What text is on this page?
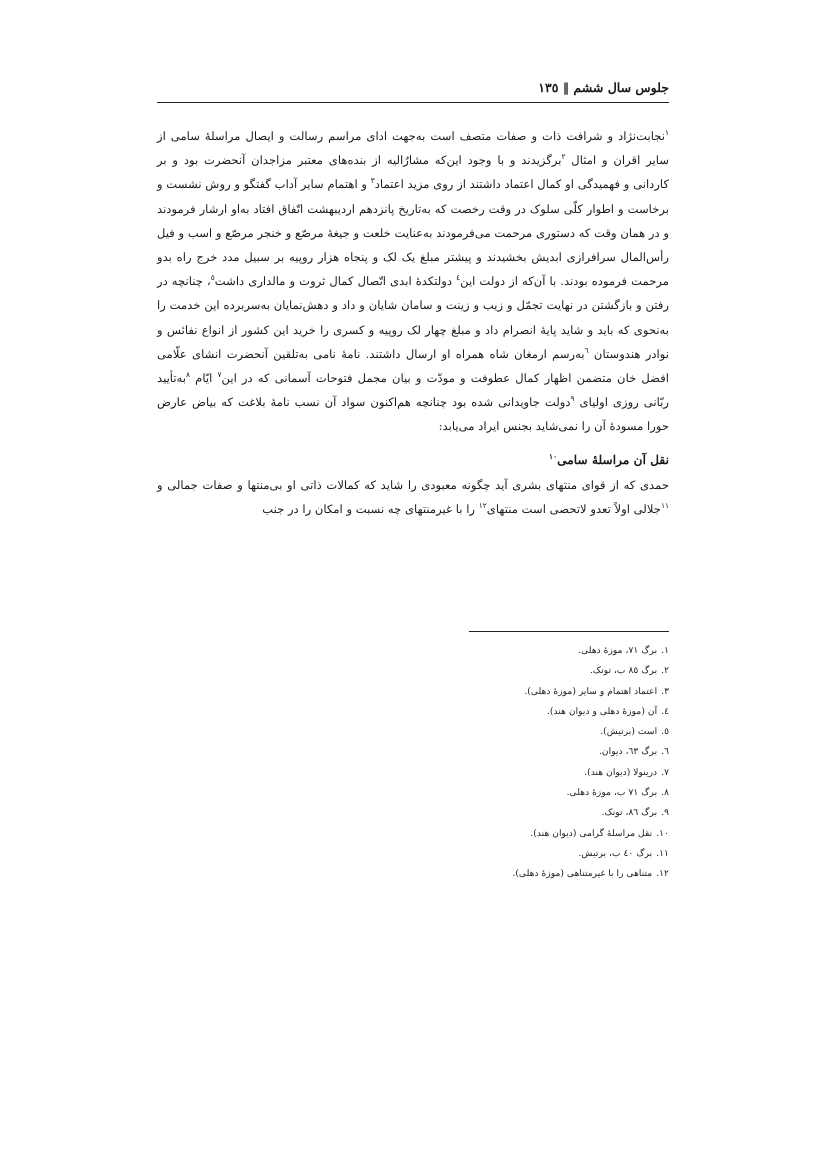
جلوس سال ششم ‖ ١٣٥

$^١$نجابت‌نژاد و شرافت ذات و صفات متصف است به‌جهت ادای مراسم رسالت و ایصال مراسلهٔ سامی از سایر اقران و امثال $^٢$برگزیدند و با وجود این‌که مشارٌالیه از بنده‌های معتبر مزاجدان آنحضرت بود و بر کاردانی و فهمیدگی او کمال اعتماد داشتند از روی مزید اعتماد$^٣$ و اهتمام سایر آداب گفتگو و روش نشست و برخاست و اطوار کلّی سلوک در وقت رخصت که به‌تاریخ پانزدهم اردیبهشت اتّفاق افتاد به‌او ارشار فرمودند و در همان وقت که دستوری مرحمت می‌فرمودند به‌عنایت خلعت و جیغهٔ مرصّع و خنجر مرصّع و اسب و فیل رأس‌المال سرافرازی ابدیش بخشیدند و پیشتر مبلغ یک لک و پنجاه هزار روپیه بر سبیل مدد خرج راه بدو مرحمت فرموده بودند. با آن‌که از دولت این$^٤$ دولتکدهٔ ابدی اتّصال کمال ثروت و مالداری داشت$^٥$، چنانچه در رفتن و بازگشتن در نهایت تجمّل و زیب و زینت و سامان شایان و داد و دهش‌نمایان به‌سربرده این خدمت را به‌نحوی که باید و شاید پایهٔ انصرام داد و مبلغ چهار لک روپیه و کسری را خرید این کشور از انواع نفائس و نوادر هندوستان $^٦$به‌رسم ارمغان شاه همراه او ارسال داشتند. نامهٔ نامی به‌تلقین آنحضرت انشای علّامی افضل خان متضمن اظهار کمال عطوفت و مودّت و بیان مجمل فتوحات آسمانی که در این$^٧$ ایّام $^٨$به‌تأیید ربّانی روزی اولیای $^٩$دولت جاویدانی شده بود چنانچه هم‌اکنون سواد آن نسب نامهٔ بلاغت که بیاض عارض حورا مسودهٔ آن را نمی‌شاید بجنس ایراد می‌یابد:

نقل آن مراسلهٔ سامی$^{١٠}$

حمدی که از قوای منتهای بشری آید چگونه معبودی را شاید که کمالات ذاتی او بی‌منتها و صفات جمالی و $^{١١}$جلالی اولاً تعدو لاتحصی است منتهای$^{١٢}$ را با غیرمنتهای چه نسبت و امکان را در جنب

١.برگ ٧١، موزهٔ دهلی.
٢.برگ ٨٥ ب، تونک.
٣.اعتماد اهتمام و سایر (موزهٔ دهلی).
٤.آن (موزهٔ دهلی و دیوان هند).
٥.است (برتیش).
٦.برگ ٦٣، دیوان.
٧.درینولا (دیوان هند).
٨.برگ ٧١ ب، موزهٔ دهلی.
٩.برگ ٨٦، تونک.
١٠.نقل مراسلهٔ گرامی (دیوان هند).
١١.برگ ٤٠ ب، برتیش.
١٢.متناهی را با غیرمتناهی (موزهٔ دهلی).
